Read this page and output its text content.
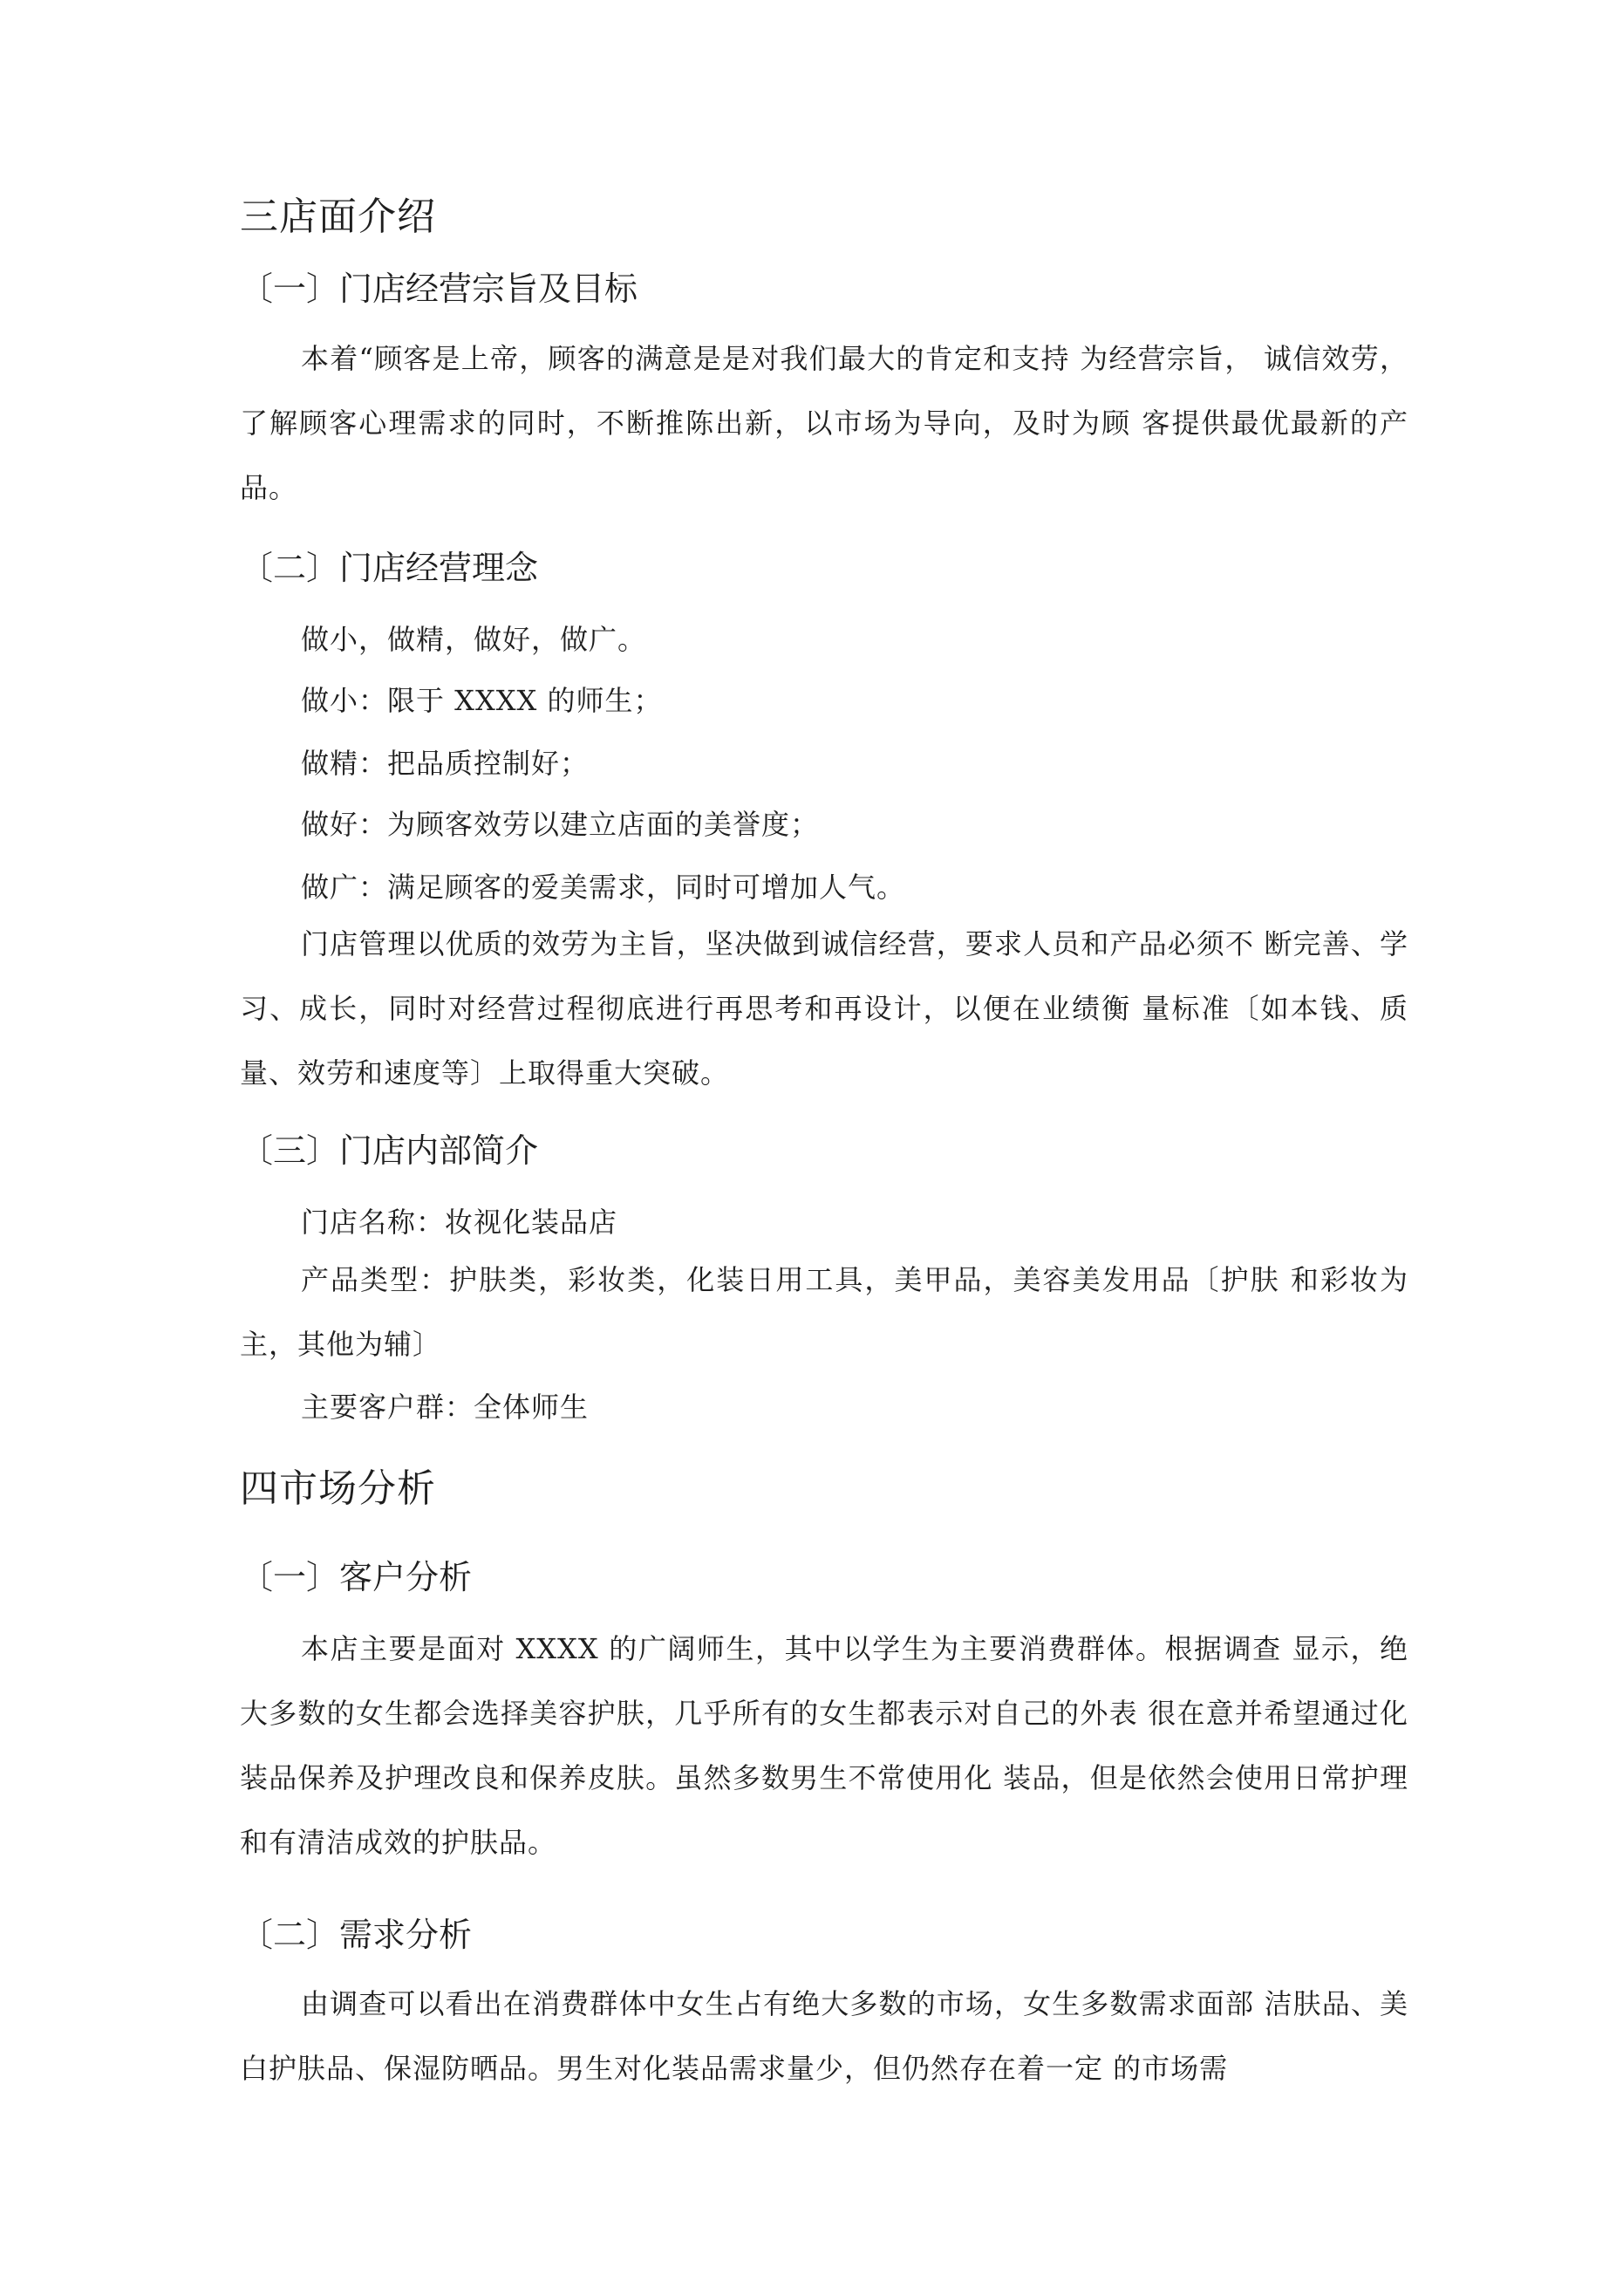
三店面介绍
〔一〕门店经营宗旨及目标

本着“顾客是上帝，顾客的满意是是对我们最大的肯定和支持 为经营宗旨， 诚信效劳，了解顾客心理需求的同时，不断推陈出新，以市场为导向，及时为顾 客提供最优最新的产品。

〔二〕门店经营理念

做小，做精，做好，做广。

做小：限于 XXXX 的师生；

做精：把品质控制好；

做好：为顾客效劳以建立店面的美誉度；

做广：满足顾客的爱美需求，同时可增加人气。

门店管理以优质的效劳为主旨，坚决做到诚信经营，要求人员和产品必须不 断完善、学习、成长，同时对经营过程彻底进行再思考和再设计，以便在业绩衡 量标准〔如本钱、质量、效劳和速度等〕上取得重大突破。

〔三〕门店内部简介

门店名称：妆视化装品店

产品类型：护肤类，彩妆类，化装日用工具，美甲品，美容美发用品〔护肤 和彩妆为主，其他为辅〕

主要客户群：全体师生

四市场分析
〔一〕客户分析

本店主要是面对 XXXX 的广阔师生，其中以学生为主要消费群体。根据调查 显示，绝大多数的女生都会选择美容护肤，几乎所有的女生都表示对自己的外表 很在意并希望通过化装品保养及护理改良和保养皮肤。虽然多数男生不常使用化 装品，但是依然会使用日常护理和有清洁成效的护肤品。

〔二〕需求分析

由调查可以看出在消费群体中女生占有绝大多数的市场，女生多数需求面部 洁肤品、美白护肤品、保湿防晒品。男生对化装品需求量少，但仍然存在着一定 的市场需
